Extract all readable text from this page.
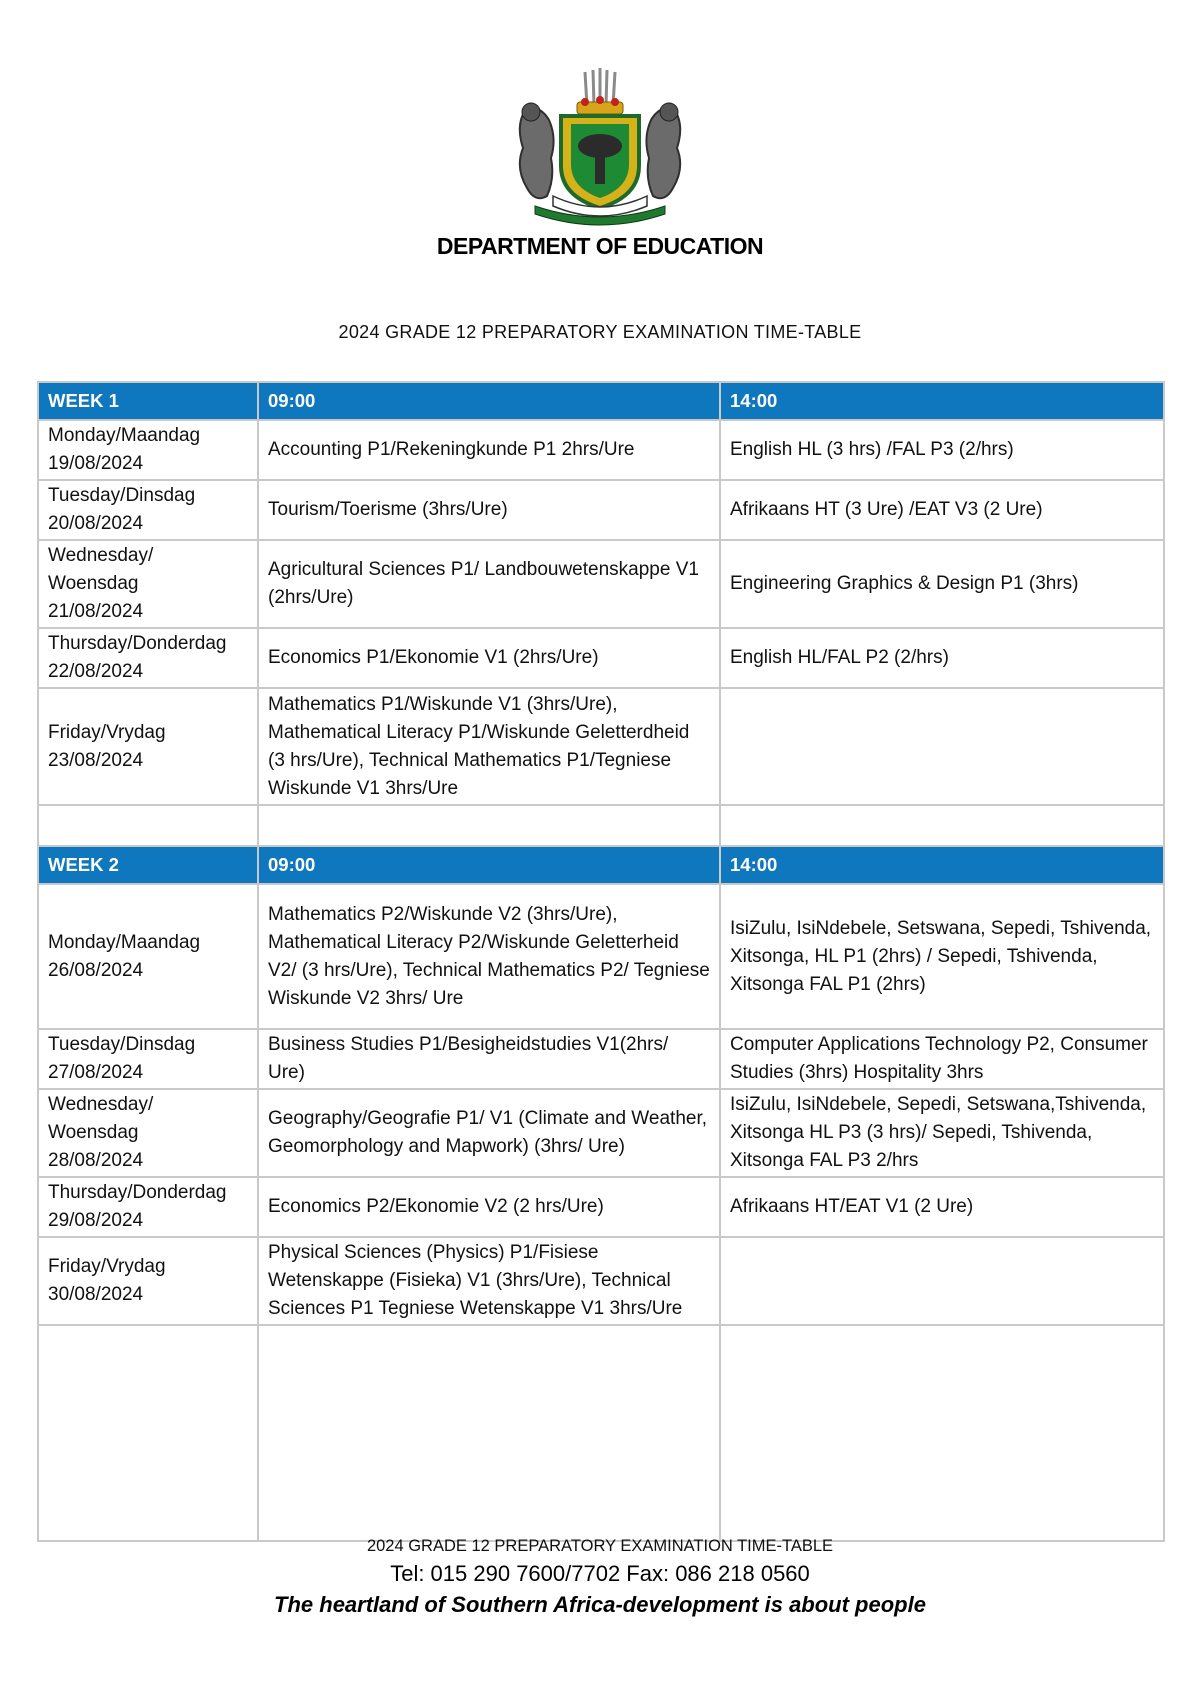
DEPARTMENT OF EDUCATION
2024 GRADE 12 PREPARATORY EXAMINATION TIME-TABLE
WEEK 1	09:00	14:00

Monday/Maandag
19/08/2024	Accounting P1/Rekeningkunde P1 2hrs/Ure	English HL (3 hrs) /FAL P3 (2/hrs)

Tuesday/Dinsdag
20/08/2024	Tourism/Toerisme (3hrs/Ure)	Afrikaans HT (3 Ure) /EAT V3 (2 Ure)

Wednesday/ Woensdag
21/08/2024	Agricultural Sciences P1/ Landbouwetenskappe V1 (2hrs/Ure)	Engineering Graphics & Design P1 (3hrs)

Thursday/Donderdag
22/08/2024	Economics P1/Ekonomie V1 (2hrs/Ure)	English HL/FAL P2 (2/hrs)

Friday/Vrydag
23/08/2024	Mathematics P1/Wiskunde V1 (3hrs/Ure), Mathematical Literacy P1/Wiskunde Geletterdheid (3 hrs/Ure), Technical Mathematics P1/Tegniese Wiskunde V1 3hrs/Ure	

WEEK 2	09:00	14:00

Monday/Maandag
26/08/2024	Mathematics P2/Wiskunde V2 (3hrs/Ure), Mathematical Literacy P2/Wiskunde Geletterheid V2/ (3 hrs/Ure), Technical Mathematics P2/ Tegniese Wiskunde V2 3hrs/ Ure	IsiZulu, IsiNdebele, Setswana, Sepedi, Tshivenda, Xitsonga, HL P1 (2hrs) / Sepedi, Tshivenda, Xitsonga FAL P1 (2hrs)

Tuesday/Dinsdag
27/08/2024	Business Studies P1/Besigheidstudies V1(2hrs/ Ure)	Computer Applications Technology P2, Consumer Studies (3hrs) Hospitality 3hrs

Wednesday/ Woensdag
28/08/2024	Geography/Geografie P1/ V1 (Climate and Weather, Geomorphology and Mapwork) (3hrs/ Ure)	IsiZulu, IsiNdebele, Sepedi, Setswana,Tshivenda, Xitsonga HL P3 (3 hrs)/ Sepedi, Tshivenda, Xitsonga FAL P3 2/hrs

Thursday/Donderdag
29/08/2024	Economics P2/Ekonomie V2 (2 hrs/Ure)	Afrikaans HT/EAT V1 (2 Ure)

Friday/Vrydag
30/08/2024	Physical Sciences (Physics) P1/Fisiese Wetenskappe (Fisieka) V1 (3hrs/Ure), Technical Sciences P1 Tegniese Wetenskappe V1 3hrs/Ure	

2024 GRADE 12 PREPARATORY EXAMINATION TIME-TABLE
Tel: 015 290 7600/7702 Fax: 086 218 0560
The heartland of Southern Africa-development is about people
